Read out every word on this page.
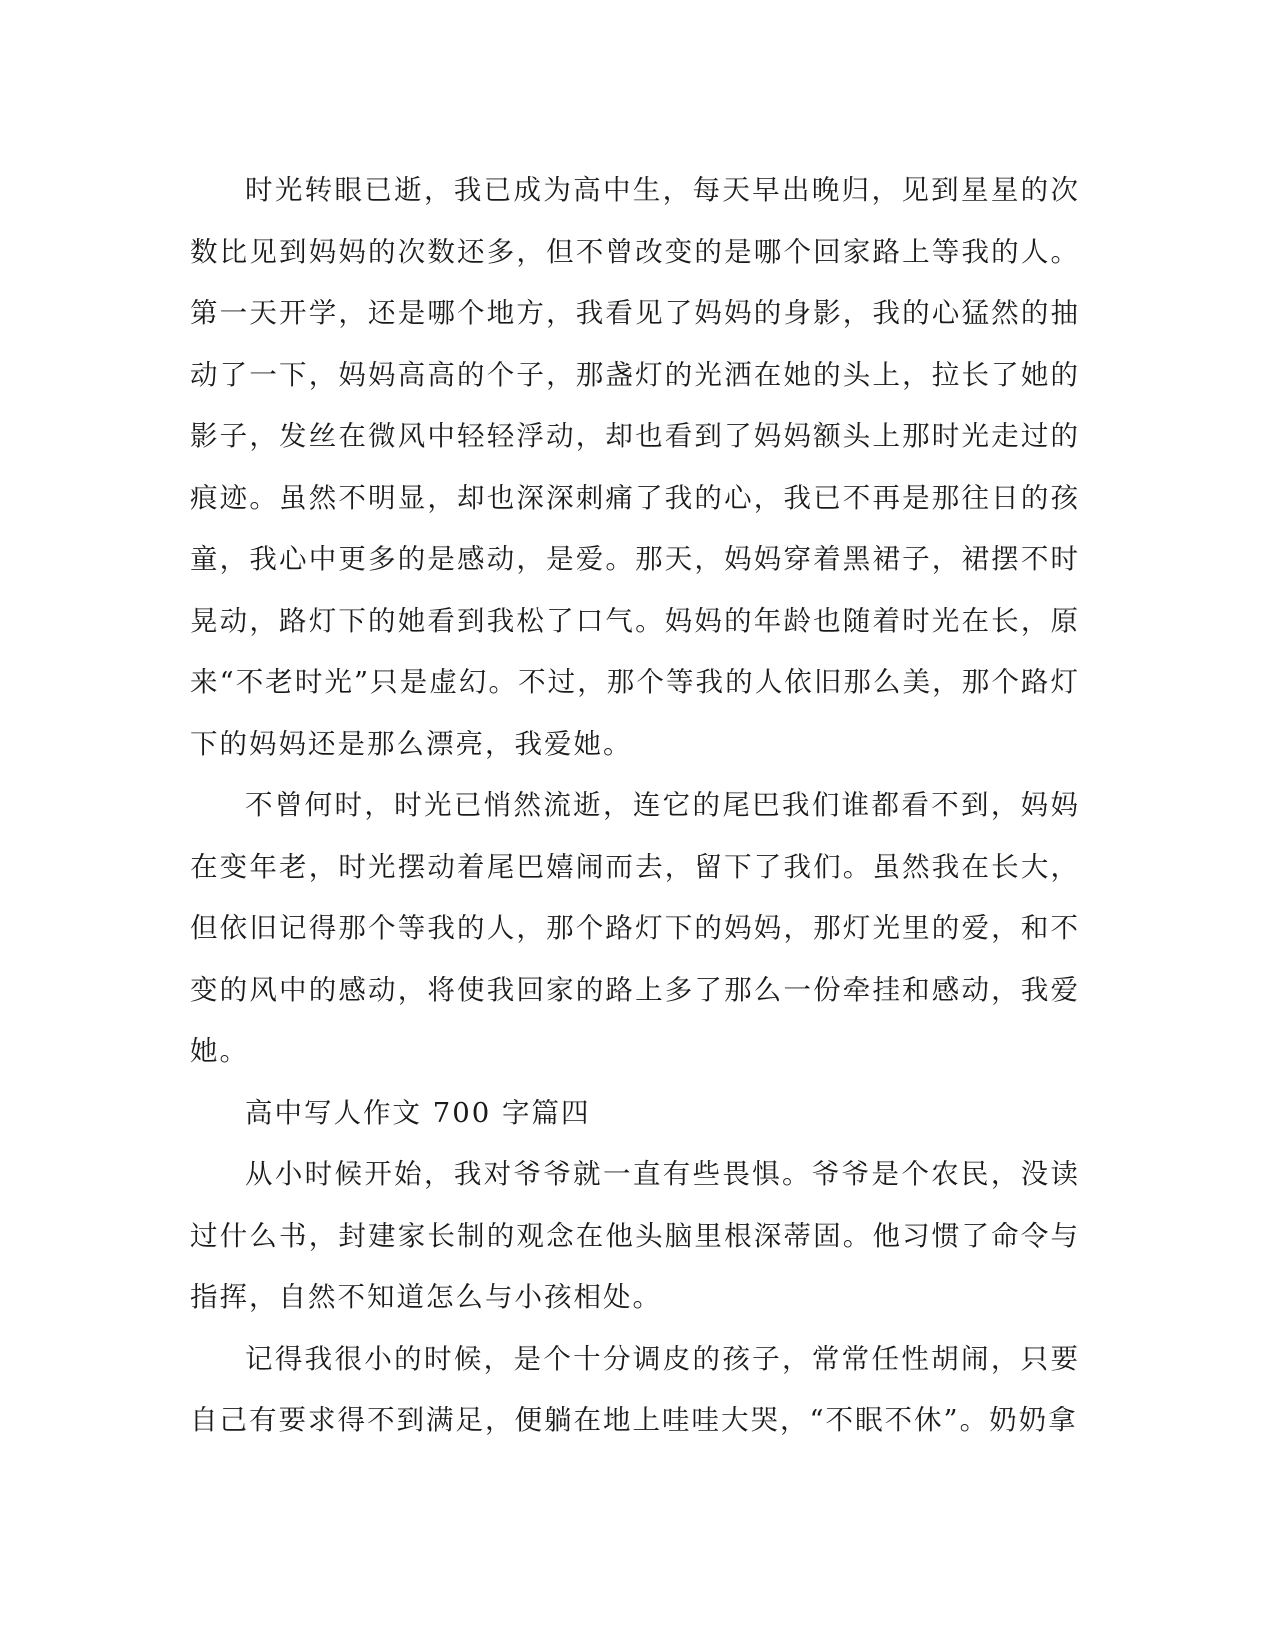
时光转眼已逝，我已成为高中生，每天早出晚归，见到星星的次数比见到妈妈的次数还多，但不曾改变的是哪个回家路上等我的人。第一天开学，还是哪个地方，我看见了妈妈的身影，我的心猛然的抽动了一下，妈妈高高的个子，那盏灯的光洒在她的头上，拉长了她的影子，发丝在微风中轻轻浮动，却也看到了妈妈额头上那时光走过的痕迹。虽然不明显，却也深深刺痛了我的心，我已不再是那往日的孩童，我心中更多的是感动，是爱。那天，妈妈穿着黑裙子，裙摆不时晃动，路灯下的她看到我松了口气。妈妈的年龄也随着时光在长，原来“不老时光”只是虚幻。不过，那个等我的人依旧那么美，那个路灯下的妈妈还是那么漂亮，我爱她。

不曾何时，时光已悄然流逝，连它的尾巴我们谁都看不到，妈妈在变年老，时光摆动着尾巴嬉闹而去，留下了我们。虽然我在长大，但依旧记得那个等我的人，那个路灯下的妈妈，那灯光里的爱，和不变的风中的感动，将使我回家的路上多了那么一份牵挂和感动，我爱她。

高中写人作文 700 字篇四

从小时候开始，我对爷爷就一直有些畏惧。爷爷是个农民，没读过什么书，封建家长制的观念在他头脑里根深蒂固。他习惯了命令与指挥，自然不知道怎么与小孩相处。

记得我很小的时候，是个十分调皮的孩子，常常任性胡闹，只要自己有要求得不到满足，便躺在地上哇哇大哭，“不眠不休”。奶奶拿
